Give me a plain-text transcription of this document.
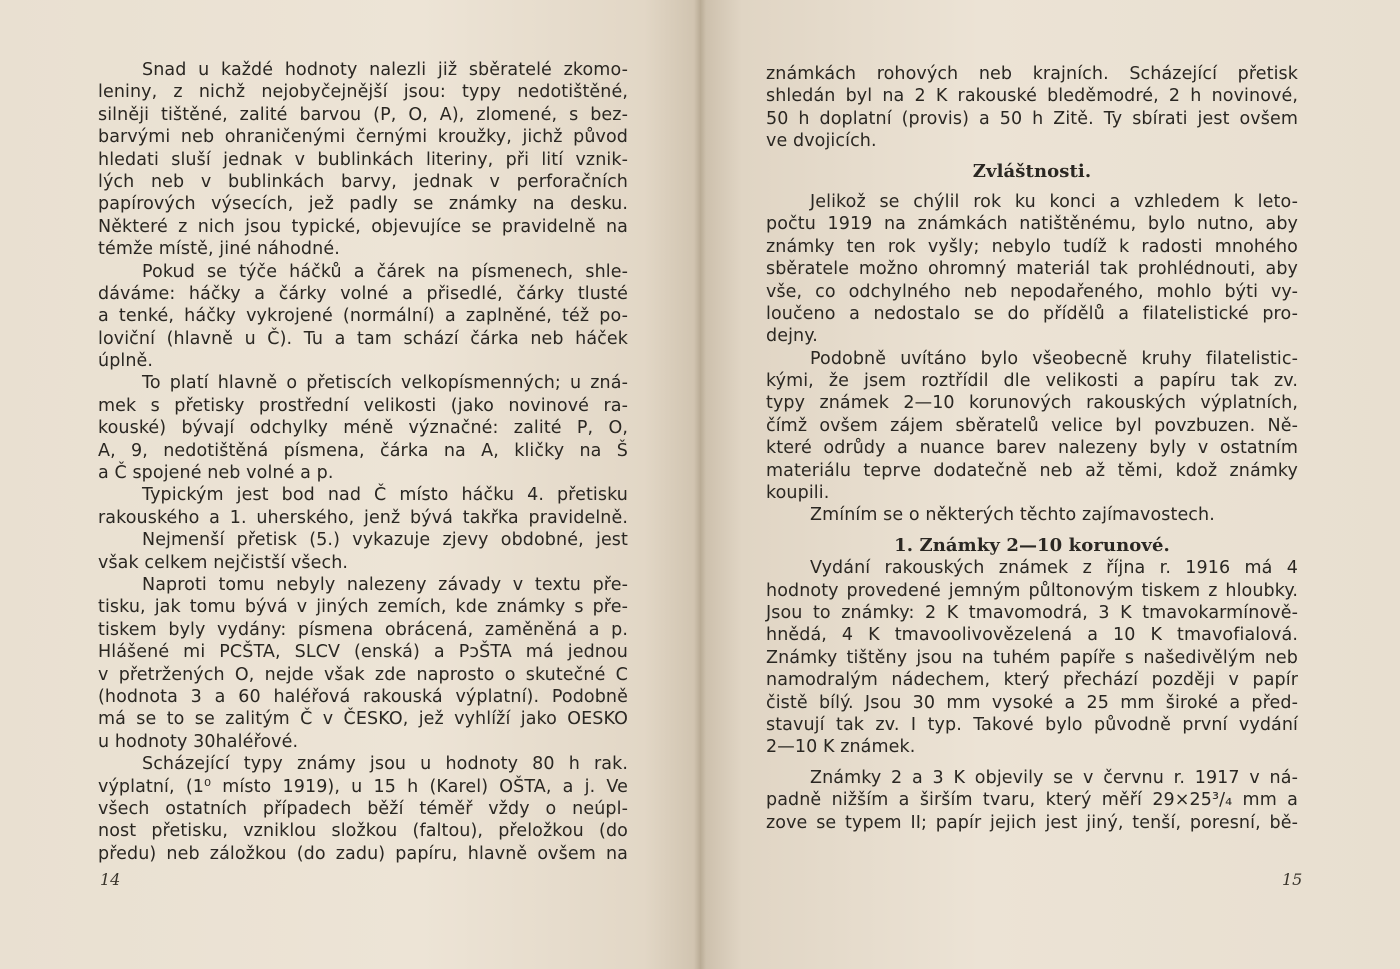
Snad u každé hodnoty nalezli již sběratelé zkomo-
leniny, z nichž nejobyčejnější jsou: typy nedotištěné,
silněji tištěné, zalité barvou (P, O, A), zlomené, s bez-
barvými neb ohraničenými černými kroužky, jichž původ
hledati sluší jednak v bublinkách literiny, při lití vznik-
lých neb v bublinkách barvy, jednak v perforačních
papírových výsecích, jež padly se známky na desku.
Některé z nich jsou typické, objevujíce se pravidelně na
témže místě, jiné náhodné.
Pokud se týče háčků a čárek na písmenech, shle-
dáváme: háčky a čárky volné a přisedlé, čárky tlusté
a tenké, háčky vykrojené (normální) a zaplněné, též po-
loviční (hlavně u Č). Tu a tam schází čárka neb háček
úplně.
To platí hlavně o přetiscích velkopísmenných; u zná-
mek s přetisky prostřední velikosti (jako novinové ra-
kouské) bývají odchylky méně význačné: zalité P, O,
A, 9, nedotištěná písmena, čárka na A, kličky na Š
a Č spojené neb volné a p.
Typickým jest bod nad Č místo háčku 4. přetisku
rakouského a 1. uherského, jenž bývá takřka pravidelně.
Nejmenší přetisk (5.) vykazuje zjevy obdobné, jest
však celkem nejčistší všech.
Naproti tomu nebyly nalezeny závady v textu pře-
tisku, jak tomu bývá v jiných zemích, kde známky s pře-
tiskem byly vydány: písmena obrácená, zaměněná a p.
Hlášené mi PCŠTA, SLCV (enská) a PɔŠTA má jednou
v přetržených O, nejde však zde naprosto o skutečné C
(hodnota 3 a 60 haléřová rakouská výplatní). Podobně
má se to se zalitým Č v ČESKO, jež vyhlíží jako OESKO
u hodnoty 30haléřové.
Scházející typy známy jsou u hodnoty 80 h rak.
výplatní, (1⁰ místo 1919), u 15 h (Karel) OŠTA, a j. Ve
všech ostatních případech běží téměř vždy o neúpl-
nost přetisku, vzniklou složkou (faltou), přeložkou (do
předu) neb záložkou (do zadu) papíru, hlavně ovšem na
14
známkách rohových neb krajních. Scházející přetisk
shledán byl na 2 K rakouské bleděmodré, 2 h novinové,
50 h doplatní (provis) a 50 h Zitě. Ty sbírati jest ovšem
ve dvojicích.
Zvláštnosti.
Jelikož se chýlil rok ku konci a vzhledem k leto-
počtu 1919 na známkách natištěnému, bylo nutno, aby
známky ten rok vyšly; nebylo tudíž k radosti mnohého
sběratele možno ohromný materiál tak prohlédnouti, aby
vše, co odchylného neb nepodařeného, mohlo býti vy-
loučeno a nedostalo se do přídělů a filatelistické pro-
dejny.
Podobně uvítáno bylo všeobecně kruhy filatelistic-
kými, že jsem roztřídil dle velikosti a papíru tak zv.
typy známek 2—10 korunových rakouských výplatních,
čímž ovšem zájem sběratelů velice byl povzbuzen. Ně-
které odrůdy a nuance barev nalezeny byly v ostatním
materiálu teprve dodatečně neb až těmi, kdož známky
koupili.
Zmíním se o některých těchto zajímavostech.
1. Známky 2—10 korunové.
Vydání rakouských známek z října r. 1916 má 4
hodnoty provedené jemným půltonovým tiskem z hloubky.
Jsou to známky: 2 K tmavomodrá, 3 K tmavokarmínově-
hnědá, 4 K tmavoolivovězelená a 10 K tmavofialová.
Známky tištěny jsou na tuhém papíře s našedivělým neb
namodralým nádechem, který přechází později v papír
čistě bílý. Jsou 30 mm vysoké a 25 mm široké a před-
stavují tak zv. I typ. Takové bylo původně první vydání
2—10 K známek.
Známky 2 a 3 K objevily se v červnu r. 1917 v ná-
padně nižším a širším tvaru, který měří 29×25³/₄ mm a
zove se typem II; papír jejich jest jiný, tenší, poresní, bě-
15
